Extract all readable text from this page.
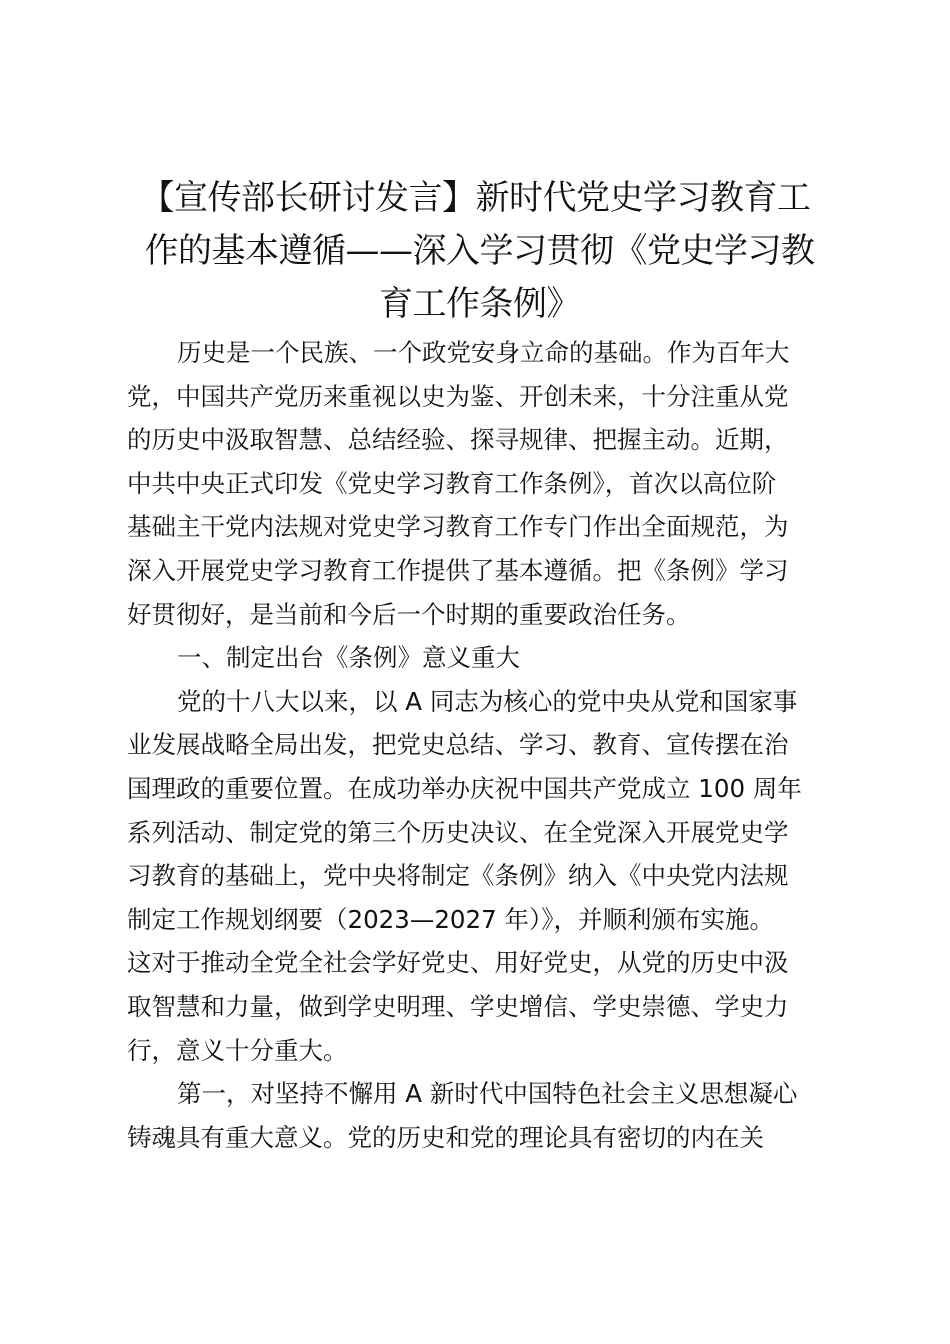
【宣传部长研讨发言】新时代党史学习教育工
作的基本遵循——深入学习贯彻《党史学习教
育工作条例》

历史是一个民族、一个政党安身立命的基础。作为百年大
党，中国共产党历来重视以史为鉴、开创未来，十分注重从党
的历史中汲取智慧、总结经验、探寻规律、把握主动。近期，
中共中央正式印发《党史学习教育工作条例》，首次以高位阶
基础主干党内法规对党史学习教育工作专门作出全面规范，为
深入开展党史学习教育工作提供了基本遵循。把《条例》学习
好贯彻好，是当前和今后一个时期的重要政治任务。

一、制定出台《条例》意义重大

党的十八大以来，以 A 同志为核心的党中央从党和国家事
业发展战略全局出发，把党史总结、学习、教育、宣传摆在治
国理政的重要位置。在成功举办庆祝中国共产党成立 100 周年
系列活动、制定党的第三个历史决议、在全党深入开展党史学
习教育的基础上，党中央将制定《条例》纳入《中央党内法规
制定工作规划纲要（2023—2027 年）》，并顺利颁布实施。
这对于推动全党全社会学好党史、用好党史，从党的历史中汲
取智慧和力量，做到学史明理、学史增信、学史崇德、学史力
行，意义十分重大。

第一，对坚持不懈用 A 新时代中国特色社会主义思想凝心
铸魂具有重大意义。党的历史和党的理论具有密切的内在关
